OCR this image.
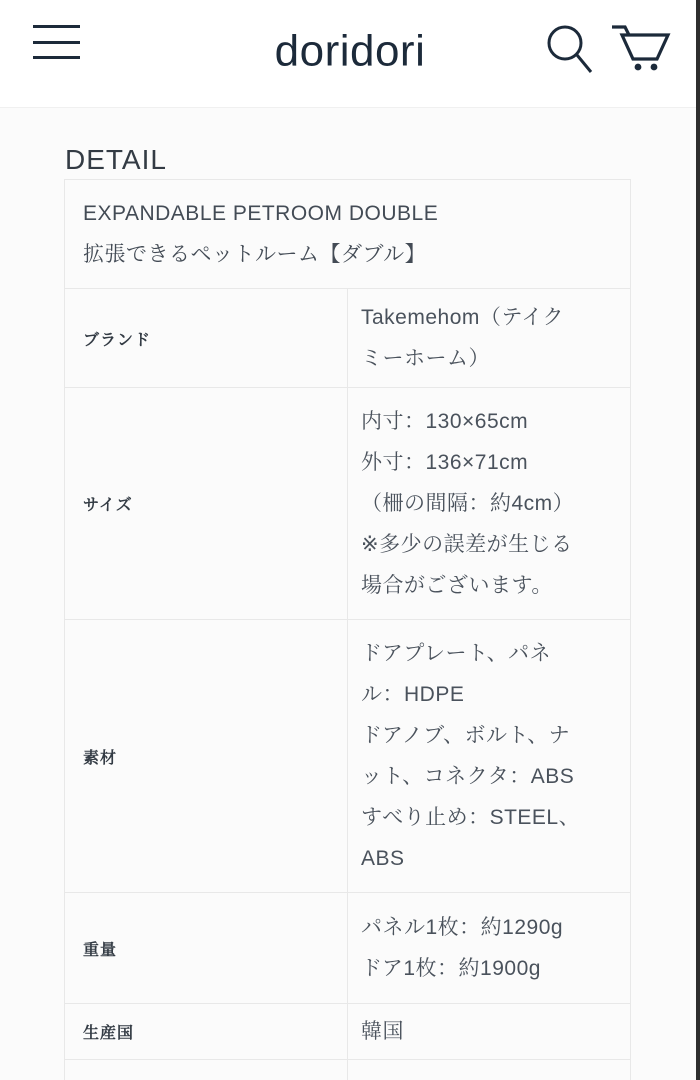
doridori
DETAIL
EXPANDABLE PETROOM DOUBLE
拡張できるペットルーム【ダブル】	

ブランド	Takemehom（テイク
ミーホーム）

サイズ	内寸：130×65cm
外寸：136×71cm
（柵の間隔：約4cm）
※多少の誤差が生じる
場合がございます。

素材	
ドアプレート、パネ
ル：HDPE
ドアノブ、ボルト、ナ
ット、コネクタ：ABS
すべり止め：STEEL、
ABS

重量	パネル1枚：約1290g
ドア1枚：約1900g

生産国	韓国
